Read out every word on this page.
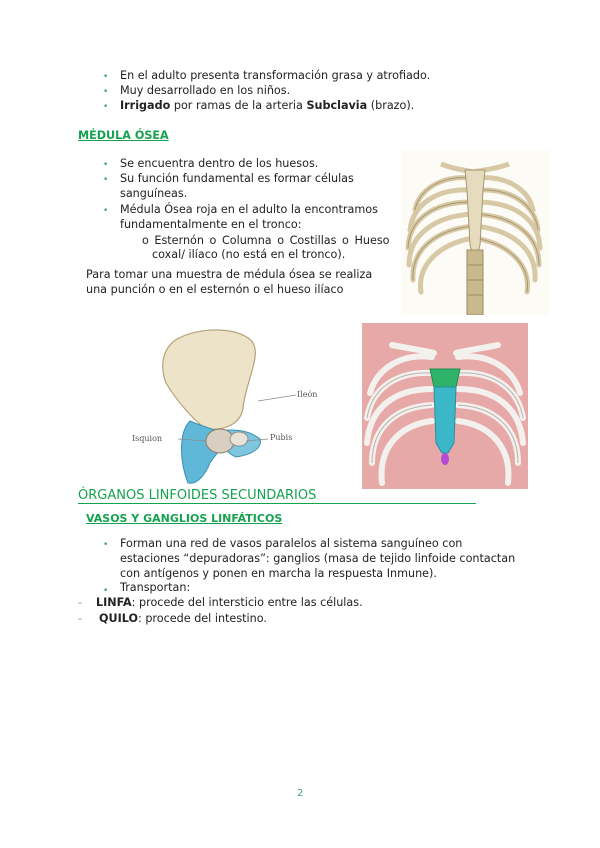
• En el adulto presenta transformación grasa y atrofiado.
• Muy desarrollado en los niños.
• Irrigado por ramas de la arteria Subclavia (brazo).
MÉDULA ÓSEA
• Se encuentra dentro de los huesos.
• Su función fundamental es formar células
sanguíneas.
• Médula Ósea roja en el adulto la encontramos
fundamentalmente en el tronco:
o Esternón o Columna o Costillas o Hueso
coxal/ ilíaco (no está en el tronco).
Para tomar una muestra de médula ósea se realiza
una punción o en el esternón o el hueso ilíaco
Ileón
Isquion	Pubis
ÓRGANOS LINFOIDES SECUNDARIOS
VASOS Y GANGLIOS LINFÁTICOS
• Forman una red de vasos paralelos al sistema sanguíneo con
estaciones “depuradoras”: ganglios (masa de tejido linfoide contactan
con antígenos y ponen en marcha la respuesta Inmune).
• Transportan:
- LINFA: procede del intersticio entre las células.
- QUILO: procede del intestino.
2
